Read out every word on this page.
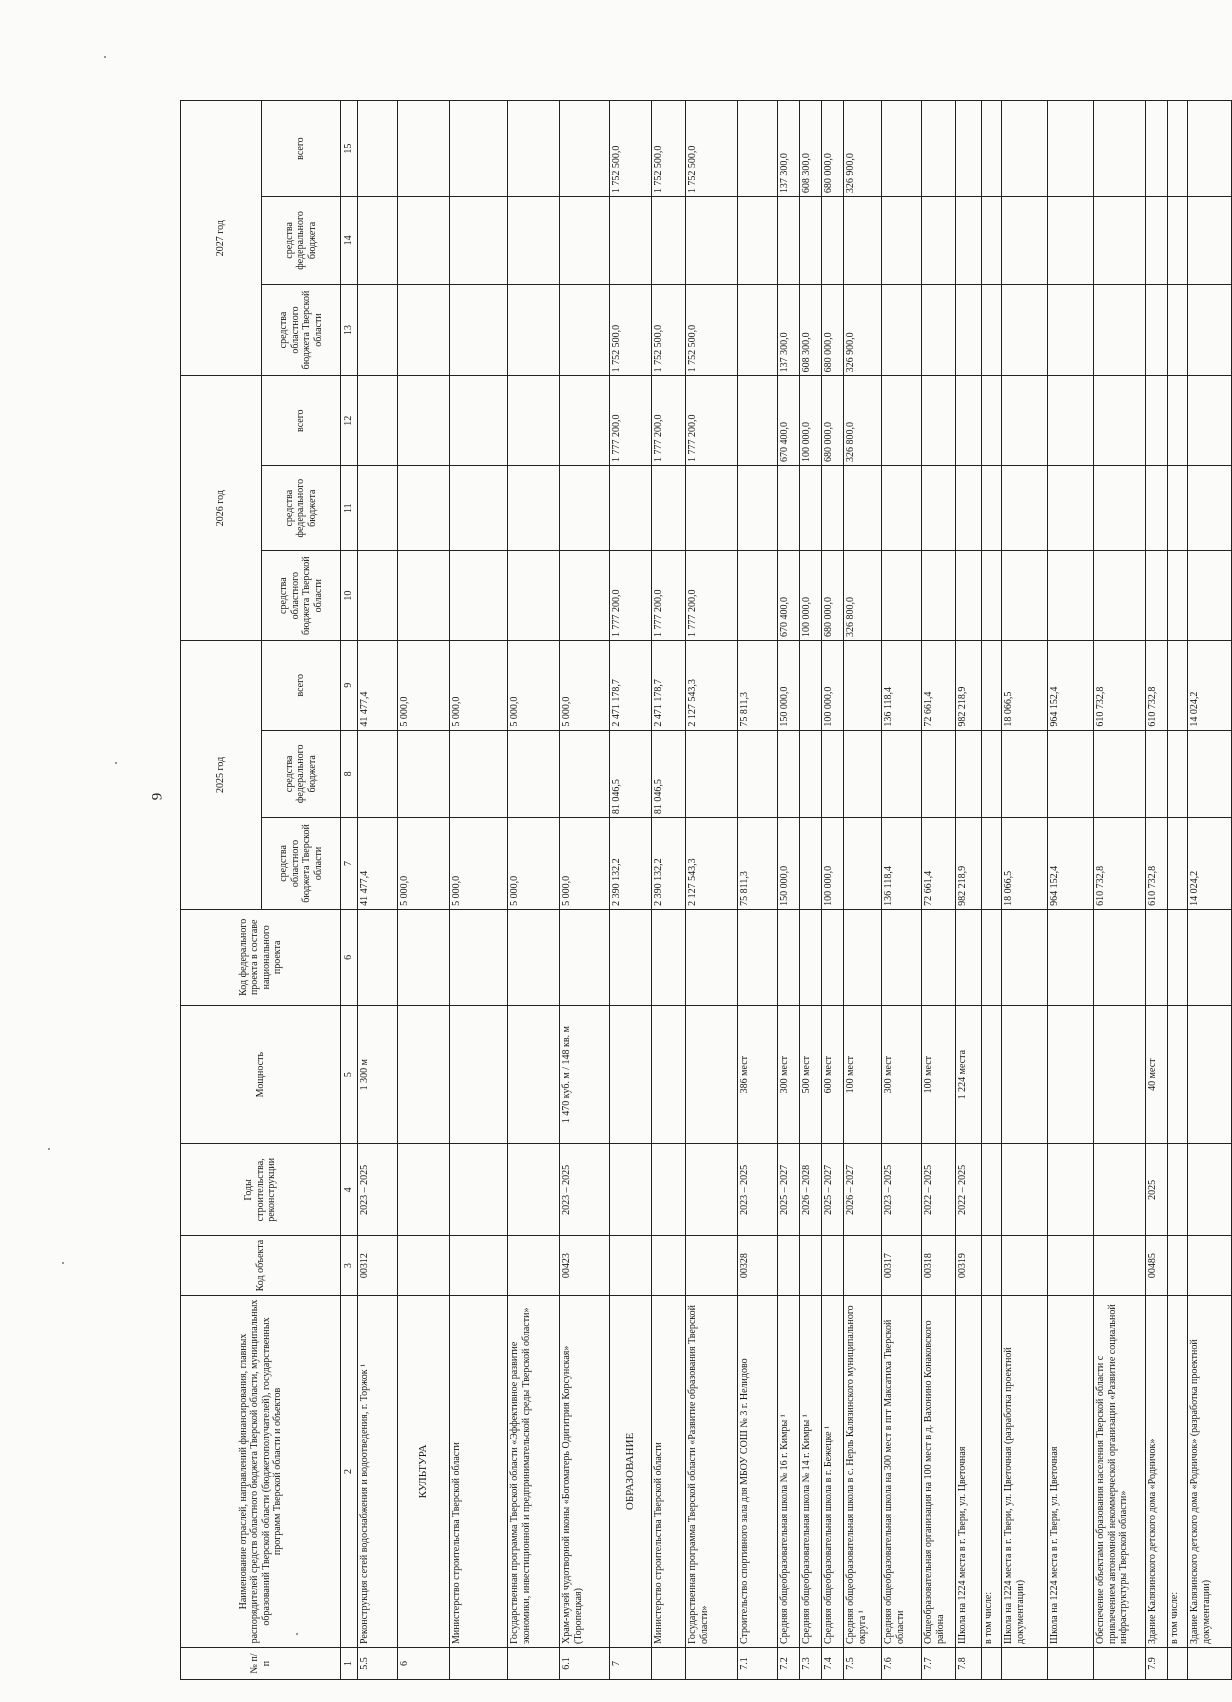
9
№ п/п	Наименование отраслей, направлений финансирования, главных распорядителей средств областного бюджета Тверской области, муниципальных образований Тверской области (бюджетополучателей), государственных программ Тверской области и объектов	Код объекта	Годы строительства, реконструкции	Мощность	Код федерального проекта в составе национального проекта	2025 год			2026 год			2027 год		
						средства областного бюджета Тверской области	средства федерального бюджета	всего	средства областного бюджета Тверской области	средства федерального бюджета	всего	средства областного бюджета Тверской области	средства федерального бюджета	всего
1	2	3	4	5	6	7	8	9	10	11	12	13	14	15
5.5	Реконструкция сетей водоснабжения и водоотведения, г. Торжок ¹	00312	2023 – 2025	1 300 м		41 477,4		41 477,4						
6	КУЛЬТУРА					5 000,0		5 000,0						
	Министерство строительства Тверской области					5 000,0		5 000,0						
	Государственная программа Тверской области «Эффективное развитие экономики, инвестиционной и предпринимательской среды Тверской области»					5 000,0		5 000,0						
6.1	Храм-музей чудотворной иконы «Богоматерь Одигитрия Корсунская» (Торопецкая)	00423	2023 – 2025	1 470 куб. м / 148 кв. м		5 000,0		5 000,0						
7	ОБРАЗОВАНИЕ					2 390 132,2	81 046,5	2 471 178,7	1 777 200,0		1 777 200,0	1 752 500,0		1 752 500,0
	Министерство строительства Тверской области					2 390 132,2	81 046,5	2 471 178,7	1 777 200,0		1 777 200,0	1 752 500,0		1 752 500,0
	Государственная программа Тверской области «Развитие образования Тверской области»					2 127 543,3		2 127 543,3	1 777 200,0		1 777 200,0	1 752 500,0		1 752 500,0
7.1	Строительство спортивного зала для МБОУ СОШ № 3 г. Нелидово	00328	2023 – 2025	386 мест		75 811,3		75 811,3						
7.2	Средняя общеобразовательная школа № 16 г. Кимры ¹		2025 – 2027	300 мест		150 000,0		150 000,0	670 400,0		670 400,0	137 300,0		137 300,0
7.3	Средняя общеобразовательная школа № 14 г. Кимры ¹		2026 – 2028	500 мест					100 000,0		100 000,0	608 300,0		608 300,0
7.4	Средняя общеобразовательная школа в г. Бежецке ¹		2025 – 2027	600 мест		100 000,0		100 000,0	680 000,0		680 000,0	680 000,0		680 000,0
7.5	Средняя общеобразовательная школа в с. Нерль Калязинского муниципального округа ¹		2026 – 2027	100 мест					326 800,0		326 800,0	326 900,0		326 900,0
7.6	Средняя общеобразовательная школа на 300 мест в пгт Максатиха Тверской области	00317	2023 – 2025	300 мест		136 118,4		136 118,4						
7.7	Общеобразовательная организация на 100 мест в д. Вахонино Конаковского района	00318	2022 – 2025	100 мест		72 661,4		72 661,4						
7.8	Школа на 1224 места в г. Твери, ул. Цветочная	00319	2022 – 2025	1 224 места		982 218,9		982 218,9						
	в том числе:													
	Школа на 1224 места в г. Твери, ул. Цветочная (разработка проектной документации)					18 066,5		18 066,5						
	Школа на 1224 места в г. Твери, ул. Цветочная					964 152,4		964 152,4						
	Обеспечение объектами образования населения Тверской области с привлечением автономной некоммерческой организации «Развитие социальной инфраструктуры Тверской области»					610 732,8		610 732,8						
7.9	Здание Калязинского детского дома «Родничок»	00485	2025	40 мест		610 732,8		610 732,8						
	в том числе:													
	Здание Калязинского детского дома «Родничок» (разработка проектной документации)					14 024,2		14 024,2						
